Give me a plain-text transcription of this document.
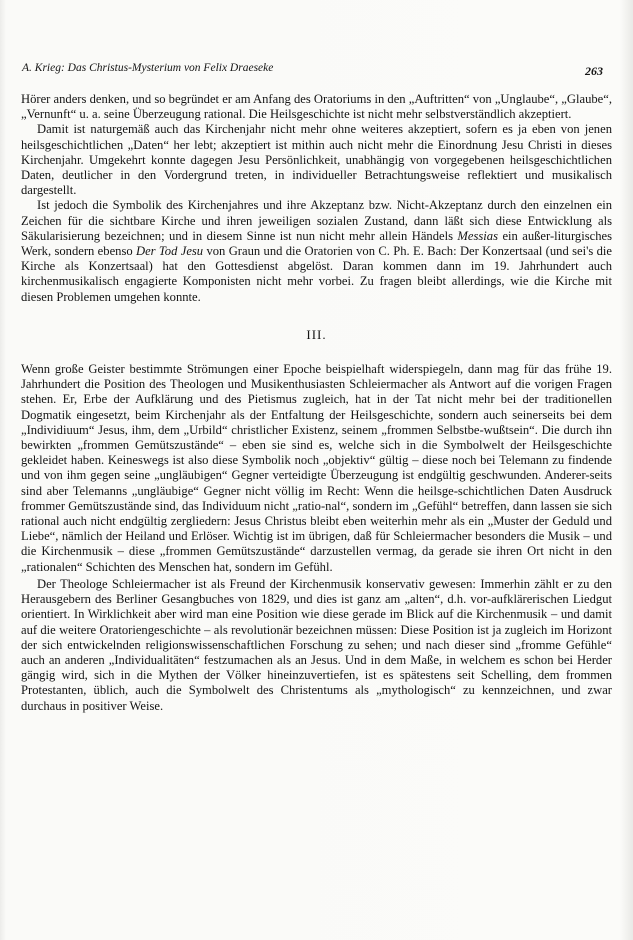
A. Krieg: Das Christus-Mysterium von Felix Draeseke	263

Hörer anders denken, und so begründet er am Anfang des Oratoriums in den „Auftritten“ von „Unglaube“, „Glaube“, „Vernunft“ u. a. seine Überzeugung rational. Die Heilsgeschichte ist nicht mehr selbstverständlich akzeptiert.

Damit ist naturgemäß auch das Kirchenjahr nicht mehr ohne weiteres akzeptiert, sofern es ja eben von jenen heilsgeschichtlichen „Daten“ her lebt; akzeptiert ist mithin auch nicht mehr die Einordnung Jesu Christi in dieses Kirchenjahr. Umgekehrt konnte dagegen Jesu Persönlichkeit, unabhängig von vorgegebenen heilsgeschichtlichen Daten, deutlicher in den Vordergrund treten, in individueller Betrachtungsweise reflektiert und musikalisch dargestellt.

Ist jedoch die Symbolik des Kirchenjahres und ihre Akzeptanz bzw. Nicht-Akzeptanz durch den einzelnen ein Zeichen für die sichtbare Kirche und ihren jeweiligen sozialen Zustand, dann läßt sich diese Entwicklung als Säkularisierung bezeichnen; und in diesem Sinne ist nun nicht mehr allein Händels Messias ein außer-liturgisches Werk, sondern ebenso Der Tod Jesu von Graun und die Oratorien von C. Ph. E. Bach: Der Konzertsaal (und sei's die Kirche als Konzertsaal) hat den Gottesdienst abgelöst. Daran kommen dann im 19. Jahrhundert auch kirchenmusikalisch engagierte Komponisten nicht mehr vorbei. Zu fragen bleibt allerdings, wie die Kirche mit diesen Problemen umgehen konnte.

III.

Wenn große Geister bestimmte Strömungen einer Epoche beispielhaft widerspiegeln, dann mag für das frühe 19. Jahrhundert die Position des Theologen und Musikenthusiasten Schleiermacher als Antwort auf die vorigen Fragen stehen. Er, Erbe der Aufklärung und des Pietismus zugleich, hat in der Tat nicht mehr bei der traditionellen Dogmatik eingesetzt, beim Kirchenjahr als der Entfaltung der Heilsgeschichte, sondern auch seinerseits bei dem „Individiuum“ Jesus, ihm, dem „Urbild“ christlicher Existenz, seinem „frommen Selbstbe-wußtsein“. Die durch ihn bewirkten „frommen Gemütszustände“ – eben sie sind es, welche sich in die Symbolwelt der Heilsgeschichte gekleidet haben. Keineswegs ist also diese Symbolik noch „objektiv“ gültig – diese noch bei Telemann zu findende und von ihm gegen seine „ungläubigen“ Gegner verteidigte Überzeugung ist endgültig geschwunden. Anderer-seits sind aber Telemanns „ungläubige“ Gegner nicht völlig im Recht: Wenn die heilsge-schichtlichen Daten Ausdruck frommer Gemütszustände sind, das Individuum nicht „ratio-nal“, sondern im „Gefühl“ betreffen, dann lassen sie sich rational auch nicht endgültig zergliedern: Jesus Christus bleibt eben weiterhin mehr als ein „Muster der Geduld und Liebe“, nämlich der Heiland und Erlöser. Wichtig ist im übrigen, daß für Schleiermacher besonders die Musik – und die Kirchenmusik – diese „frommen Gemütszustände“ darzustellen vermag, da gerade sie ihren Ort nicht in den „rationalen“ Schichten des Menschen hat, sondern im Gefühl.

Der Theologe Schleiermacher ist als Freund der Kirchenmusik konservativ gewesen: Immerhin zählt er zu den Herausgebern des Berliner Gesangbuches von 1829, und dies ist ganz am „alten“, d.h. vor-aufklärerischen Liedgut orientiert. In Wirklichkeit aber wird man eine Position wie diese gerade im Blick auf die Kirchenmusik – und damit auf die weitere Oratoriengeschichte – als revolutionär bezeichnen müssen: Diese Position ist ja zugleich im Horizont der sich entwickelnden religionswissenschaftlichen Forschung zu sehen; und nach dieser sind „fromme Gefühle“ auch an anderen „Individualitäten“ festzumachen als an Jesus. Und in dem Maße, in welchem es schon bei Herder gängig wird, sich in die Mythen der Völker hineinzuvertiefen, ist es spätestens seit Schelling, dem frommen Protestanten, üblich, auch die Symbolwelt des Christentums als „mythologisch“ zu kennzeichnen, und zwar durchaus in positiver Weise.
